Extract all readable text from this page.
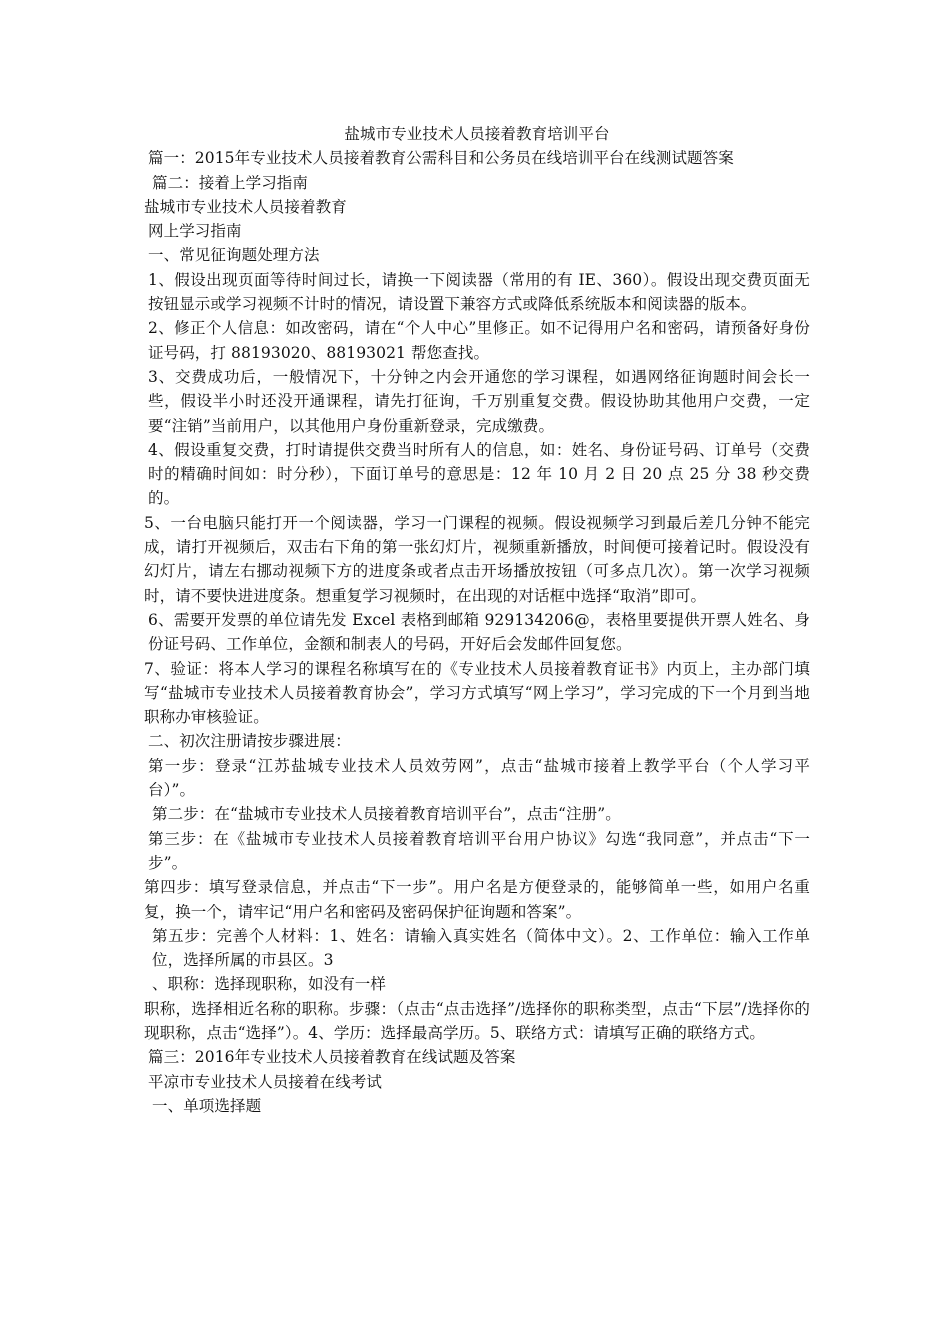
盐城市专业技术人员接着教育培训平台

篇一：2015年专业技术人员接着教育公需科目和公务员在线培训平台在线测试题答案

篇二：接着上学习指南

盐城市专业技术人员接着教育

网上学习指南

一、常见征询题处理方法

1、假设出现页面等待时间过长，请换一下阅读器（常用的有 IE、360）。假设出现交费页面无按钮显示或学习视频不计时的情况，请设置下兼容方式或降低系统版本和阅读器的版本。

2、修正个人信息：如改密码，请在“个人中心”里修正。如不记得用户名和密码，请预备好身份证号码，打 88193020、88193021 帮您查找。

3、交费成功后，一般情况下，十分钟之内会开通您的学习课程，如遇网络征询题时间会长一些，假设半小时还没开通课程，请先打征询，千万别重复交费。假设协助其他用户交费，一定要“注销”当前用户，以其他用户身份重新登录，完成缴费。

4、假设重复交费，打时请提供交费当时所有人的信息，如：姓名、身份证号码、订单号（交费时的精确时间如：时分秒），下面订单号的意思是：12 年 10 月 2 日 20 点 25 分 38 秒交费的。

5、一台电脑只能打开一个阅读器，学习一门课程的视频。假设视频学习到最后差几分钟不能完成，请打开视频后，双击右下角的第一张幻灯片，视频重新播放，时间便可接着记时。假设没有幻灯片，请左右挪动视频下方的进度条或者点击开场播放按钮（可多点几次）。第一次学习视频时，请不要快进进度条。想重复学习视频时，在出现的对话框中选择“取消”即可。

6、需要开发票的单位请先发 Excel 表格到邮箱 929134206@，表格里要提供开票人姓名、身份证号码、工作单位，金额和制表人的号码，开好后会发邮件回复您。

7、验证：将本人学习的课程名称填写在的《专业技术人员接着教育证书》内页上，主办部门填写“盐城市专业技术人员接着教育协会”，学习方式填写“网上学习”，学习完成的下一个月到当地职称办审核验证。

二、初次注册请按步骤进展：

第一步：登录“江苏盐城专业技术人员效劳网”，点击“盐城市接着上教学平台（个人学习平台）”。

第二步：在“盐城市专业技术人员接着教育培训平台”，点击“注册”。

第三步：在《盐城市专业技术人员接着教育培训平台用户协议》勾选“我同意”，并点击“下一步”。

第四步：填写登录信息，并点击“下一步”。用户名是方便登录的，能够简单一些，如用户名重复，换一个，请牢记“用户名和密码及密码保护征询题和答案”。

第五步：完善个人材料：1、姓名：请输入真实姓名（简体中文）。2、工作单位：输入工作单位，选择所属的市县区。3

、职称：选择现职称，如没有一样

职称，选择相近名称的职称。步骤：（点击“点击选择”/选择你的职称类型，点击“下层”/选择你的现职称，点击“选择”）。4、学历：选择最高学历。5、联络方式：请填写正确的联络方式。

篇三：2016年专业技术人员接着教育在线试题及答案

平凉市专业技术人员接着在线考试

一、单项选择题
